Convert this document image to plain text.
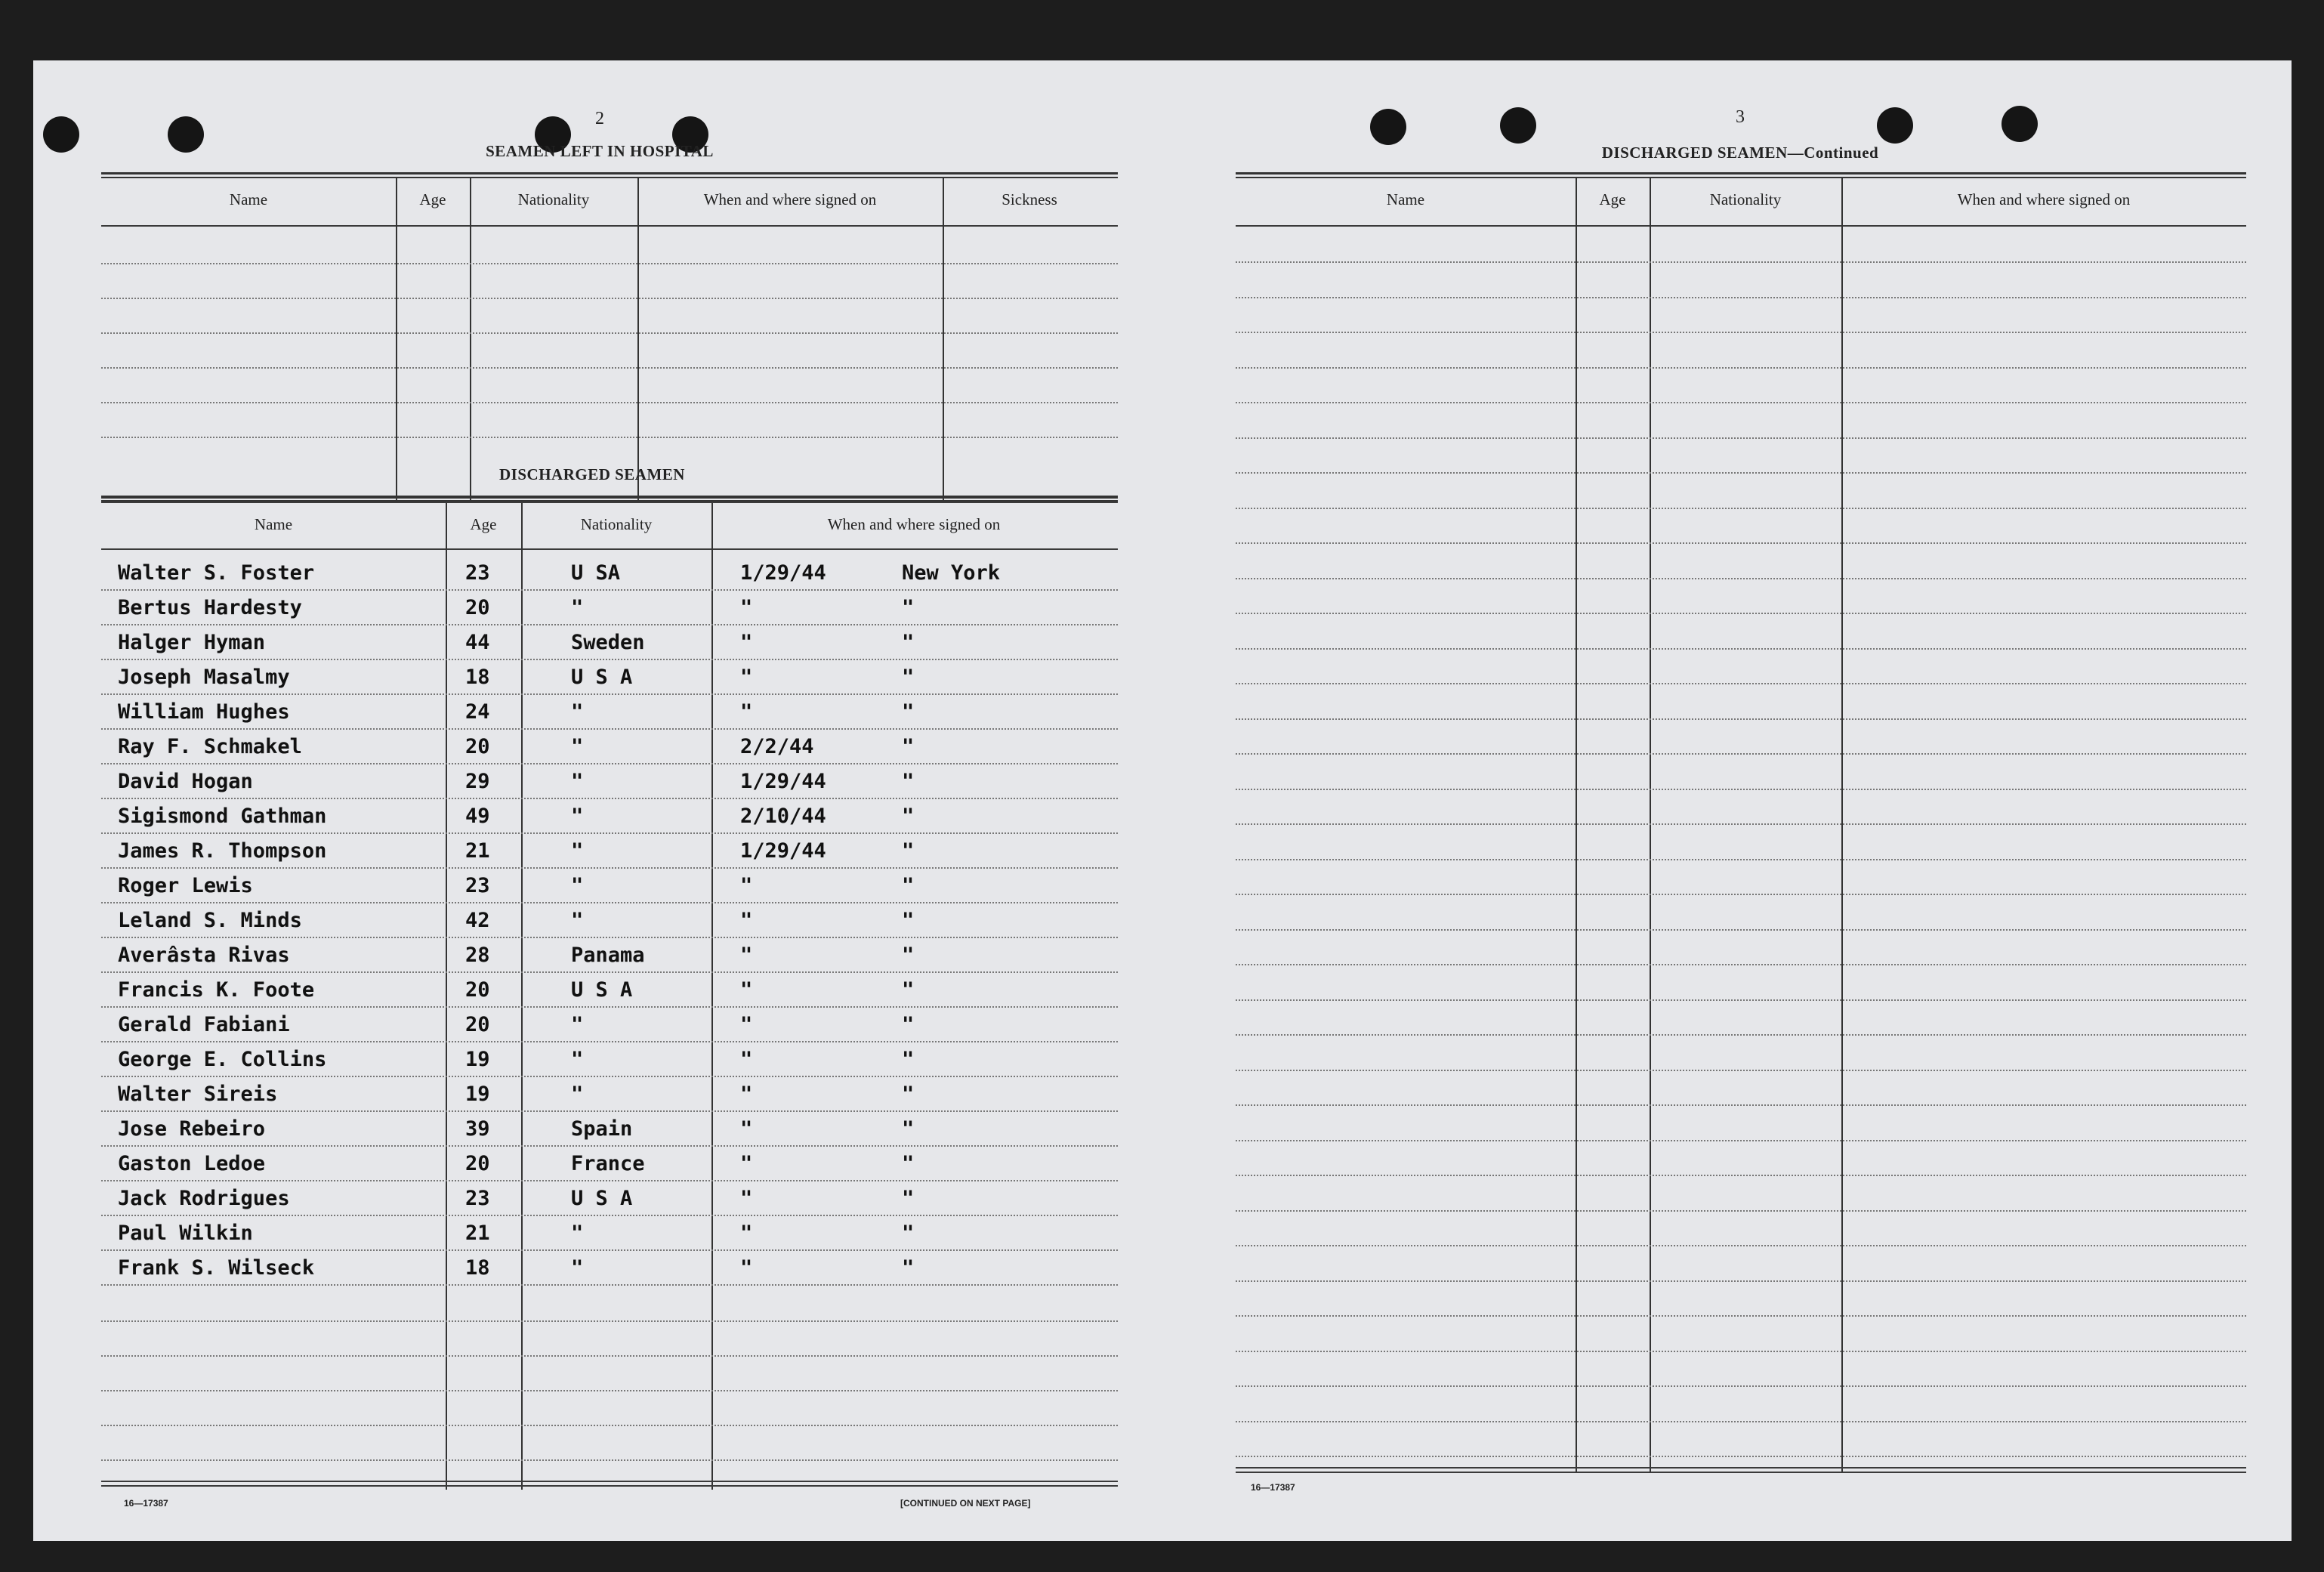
2
SEAMEN LEFT IN HOSPITAL
Name	Age	Nationality	When and where signed on	Sickness
DISCHARGED SEAMEN
Name	Age	Nationality	When and where signed on
Walter S. Foster	23	U SA	1/29/44	New York
Bertus Hardesty	20	"	"	"
Halger Hyman	44	Sweden	"	"
Joseph Masalmy	18	U S A	"	"
William Hughes	24	"	"	"
Ray F. Schmakel	20	"	2/2/44	"
David Hogan	29	"	1/29/44	"
Sigismond Gathman	49	"	2/10/44	"
James R. Thompson	21	"	1/29/44	"
Roger Lewis	23	"	"	"
Leland S. Minds	42	"	"	"
Averâsta Rivas	28	Panama	"	"
Francis K. Foote	20	U S A	"	"
Gerald Fabiani	20	"	"	"
George E. Collins	19	"	"	"
Walter Sireis	19	"	"	"
Jose Rebeiro	39	Spain	"	"
Gaston Ledoe	20	France	"	"
Jack Rodrigues	23	U S A	"	"
Paul Wilkin	21	"	"	"
Frank S. Wilseck	18	"	"	"
16—17387	[CONTINUED ON NEXT PAGE]
3
DISCHARGED SEAMEN—Continued
Name	Age	Nationality	When and where signed on
16—17387
